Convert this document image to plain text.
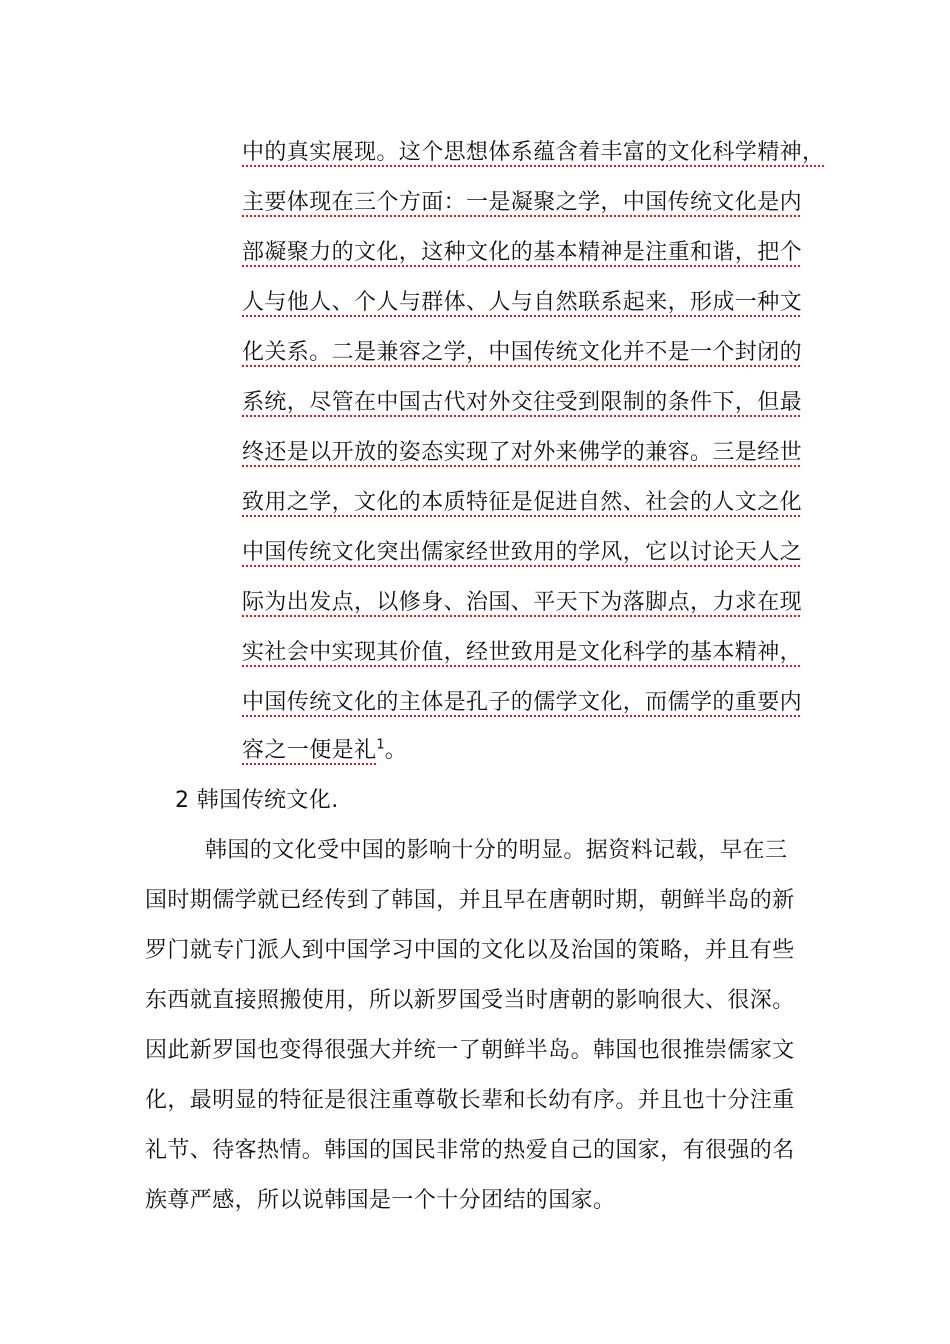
中的真实展现。这个思想体系蕴含着丰富的文化科学精神，
主要体现在三个方面：一是凝聚之学，中国传统文化是内
部凝聚力的文化，这种文化的基本精神是注重和谐，把个
人与他人、个人与群体、人与自然联系起来，形成一种文
化关系。二是兼容之学，中国传统文化并不是一个封闭的
系统，尽管在中国古代对外交往受到限制的条件下，但最
终还是以开放的姿态实现了对外来佛学的兼容。三是经世
致用之学，文化的本质特征是促进自然、社会的人文之化
中国传统文化突出儒家经世致用的学风，它以讨论天人之
际为出发点，以修身、治国、平天下为落脚点，力求在现
实社会中实现其价值，经世致用是文化科学的基本精神，
中国传统文化的主体是孔子的儒学文化，而儒学的重要内
容之一便是礼$^1$。
2 韩国传统文化.
韩国的文化受中国的影响十分的明显。据资料记载，早在三
国时期儒学就已经传到了韩国，并且早在唐朝时期，朝鲜半岛的新
罗门就专门派人到中国学习中国的文化以及治国的策略，并且有些
东西就直接照搬使用，所以新罗国受当时唐朝的影响很大、很深。
因此新罗国也变得很强大并统一了朝鲜半岛。韩国也很推崇儒家文
化，最明显的特征是很注重尊敬长辈和长幼有序。并且也十分注重
礼节、待客热情。韩国的国民非常的热爱自己的国家，有很强的名
族尊严感，所以说韩国是一个十分团结的国家。
